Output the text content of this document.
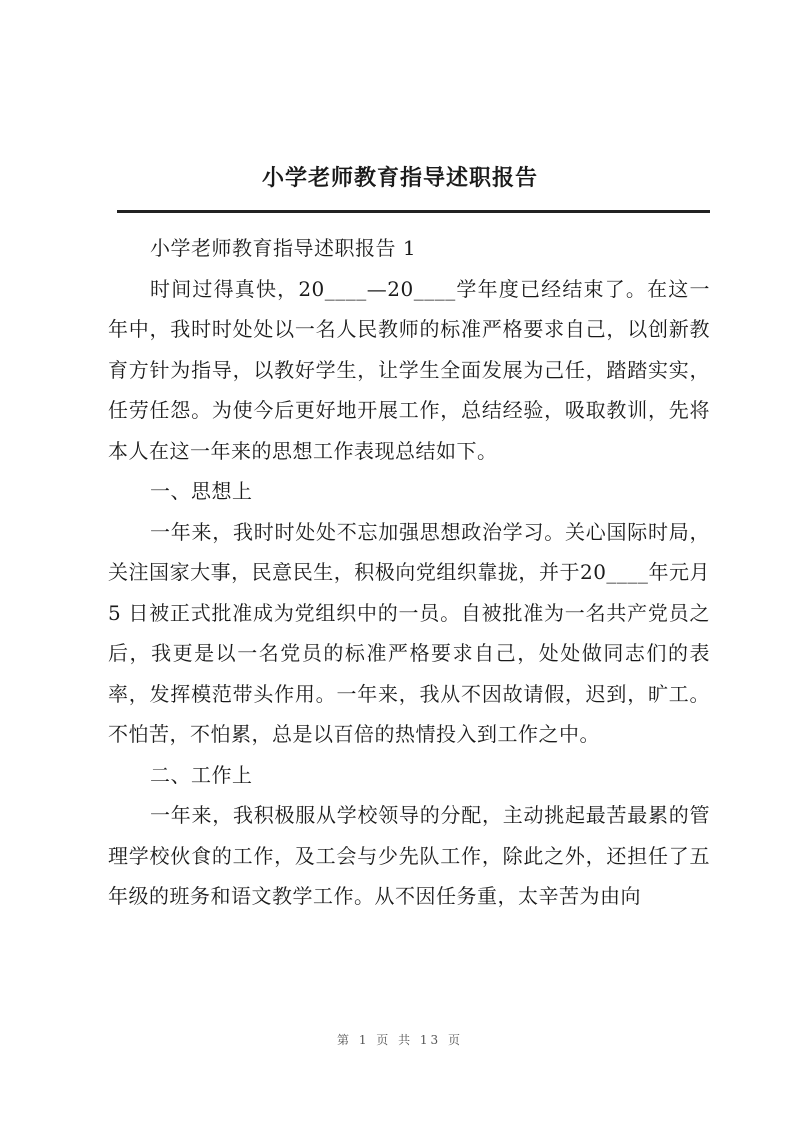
小学老师教育指导述职报告

小学老师教育指导述职报告 1

时间过得真快，20____—20____学年度已经结束了。在这一年中，我时时处处以一名人民教师的标准严格要求自己，以创新教育方针为指导，以教好学生，让学生全面发展为己任，踏踏实实，任劳任怨。为使今后更好地开展工作，总结经验，吸取教训，先将本人在这一年来的思想工作表现总结如下。

一、思想上

一年来，我时时处处不忘加强思想政治学习。关心国际时局，关注国家大事，民意民生，积极向党组织靠拢，并于20____年元月 5 日被正式批准成为党组织中的一员。自被批准为一名共产党员之后，我更是以一名党员的标准严格要求自己，处处做同志们的表率，发挥模范带头作用。一年来，我从不因故请假，迟到，旷工。不怕苦，不怕累，总是以百倍的热情投入到工作之中。

二、工作上

一年来，我积极服从学校领导的分配，主动挑起最苦最累的管理学校伙食的工作，及工会与少先队工作，除此之外，还担任了五年级的班务和语文教学工作。从不因任务重，太辛苦为由向

第 1 页 共 13 页
